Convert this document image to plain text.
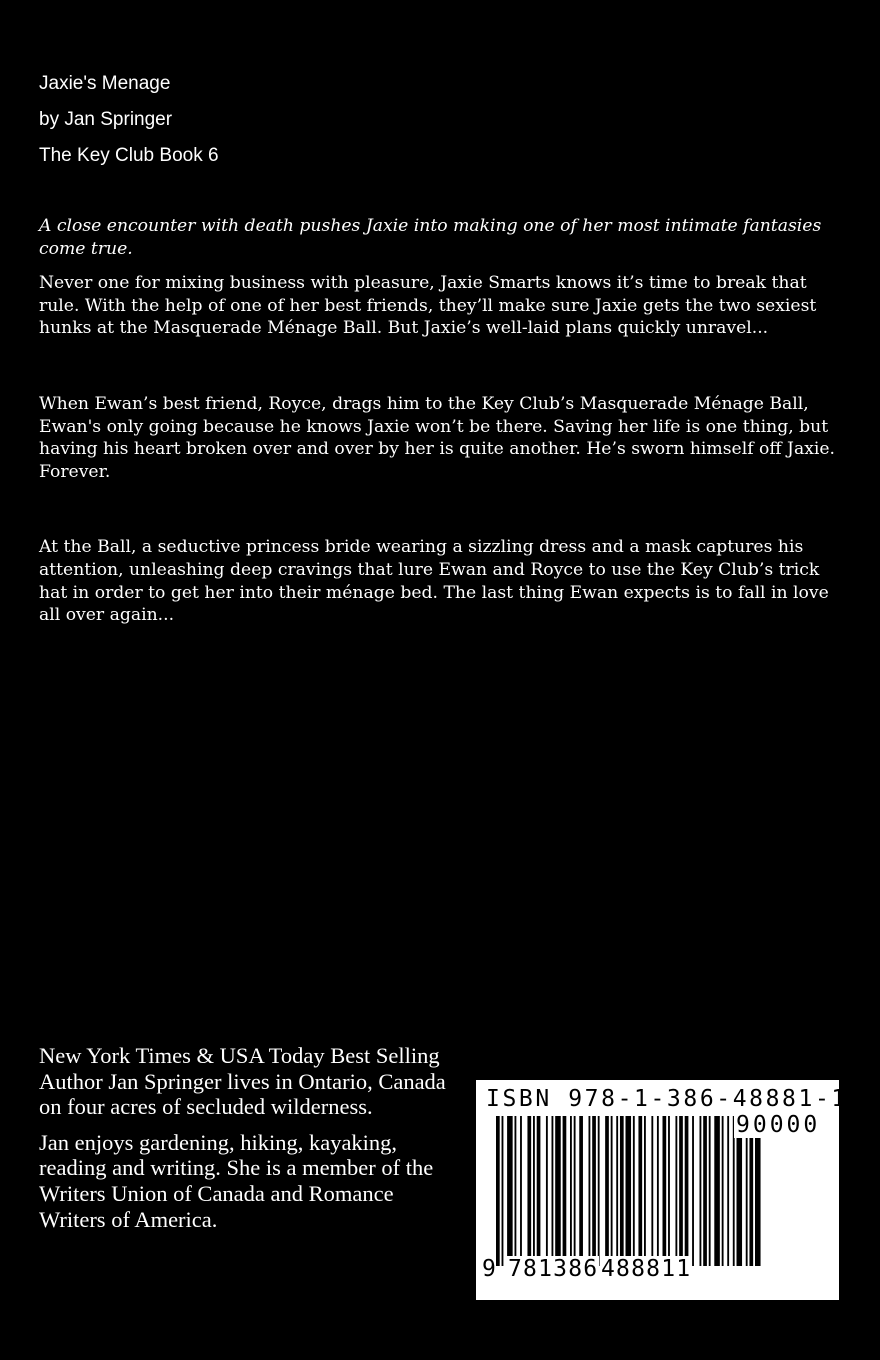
Jaxie's Menage
by Jan Springer
The Key Club Book 6

A close encounter with death pushes Jaxie into making one of her most intimate fantasies come true.

Never one for mixing business with pleasure, Jaxie Smarts knows it’s time to break that rule. With the help of one of her best friends, they’ll make sure Jaxie gets the two sexiest hunks at the Masquerade Ménage Ball. But Jaxie’s well-laid plans quickly unravel...

When Ewan’s best friend, Royce, drags him to the Key Club’s Masquerade Ménage Ball, Ewan's only going because he knows Jaxie won’t be there. Saving her life is one thing, but having his heart broken over and over by her is quite another. He’s sworn himself off Jaxie. Forever.

At the Ball, a seductive princess bride wearing a sizzling dress and a mask captures his attention, unleashing deep cravings that lure Ewan and Royce to use the Key Club’s trick hat in order to get her into their ménage bed. The last thing Ewan expects is to fall in love all over again...

New York Times & USA Today Best Selling Author Jan Springer lives in Ontario, Canada on four acres of secluded wilderness.

Jan enjoys gardening, hiking, kayaking, reading and writing. She is a member of the Writers Union of Canada and Romance Writers of America.

ISBN 978-1-386-48881-1
90000
9 781386 488811
